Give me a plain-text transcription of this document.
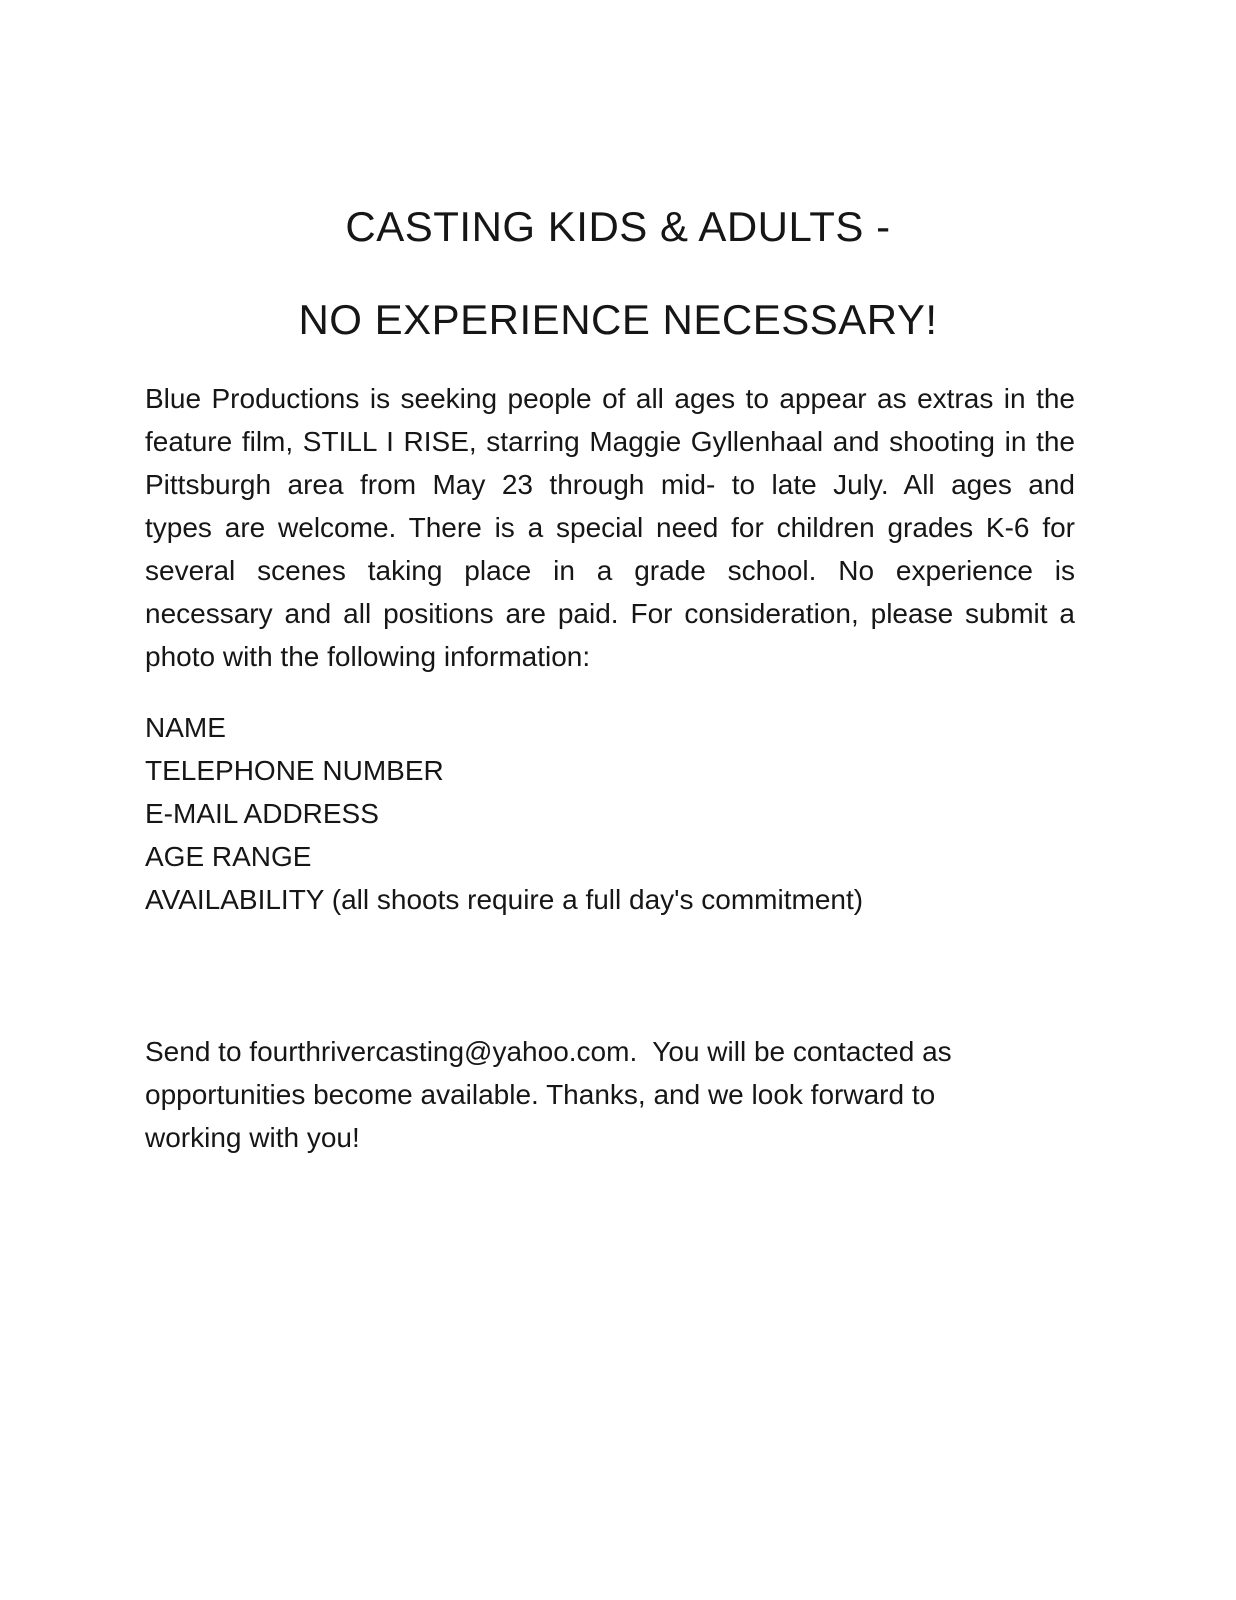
CASTING KIDS & ADULTS -
NO EXPERIENCE NECESSARY!
Blue Productions is seeking people of all ages to appear as extras in the
feature film, STILL I RISE, starring Maggie Gyllenhaal and shooting in the
Pittsburgh area from May 23 through mid- to late July. All ages and
types are welcome. There is a special need for children grades K-6 for
several scenes taking place in a grade school. No experience is
necessary and all positions are paid. For consideration, please submit a
photo with the following information:
NAME
TELEPHONE NUMBER
E-MAIL ADDRESS
AGE RANGE
AVAILABILITY (all shoots require a full day's commitment)
Send to fourthrivercasting@yahoo.com.  You will be contacted as
opportunities become available. Thanks, and we look forward to
working with you!
